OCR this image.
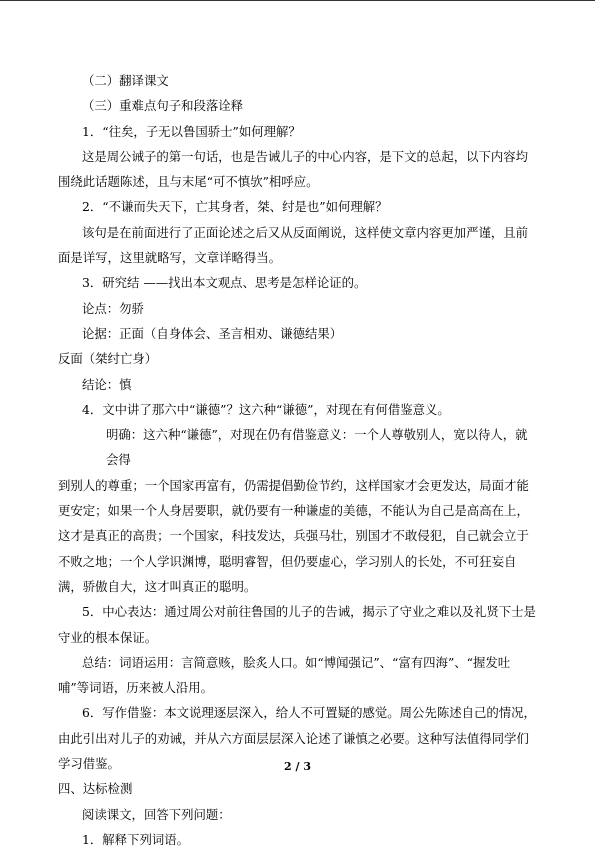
（二）翻译课文

（三）重难点句子和段落诠释

1．“往矣，子无以鲁国骄士”如何理解？

这是周公诫子的第一句话，也是告诫儿子的中心内容，是下文的总起，以下内容均围绕此话题陈述，且与末尾“可不慎欤”相呼应。

2．“不谦而失天下，亡其身者，桀、纣是也”如何理解？

该句是在前面进行了正面论述之后又从反面阐说，这样使文章内容更加严谨，且前面是详写，这里就略写，文章详略得当。

3．研究结 ——找出本文观点、思考是怎样论证的。

论点：勿骄

论据：正面（自身体会、圣言相劝、谦德结果）

反面（桀纣亡身）

结论：慎

4．文中讲了那六中“谦德”？这六种“谦德”，对现在有何借鉴意义。

明确：这六种“谦德”，对现在仍有借鉴意义：一个人尊敬别人，宽以待人，就会得

到别人的尊重；一个国家再富有，仍需提倡勤俭节约，这样国家才会更发达，局面才能更安定；如果一个人身居要职，就仍要有一种谦虚的美德，不能认为自己是高高在上，这才是真正的高贵；一个国家，科技发达，兵强马壮，别国才不敢侵犯，自己就会立于不败之地；一个人学识渊博，聪明睿智，但仍要虚心，学习别人的长处，不可狂妄自满，骄傲自大，这才叫真正的聪明。

5．中心表达：通过周公对前往鲁国的儿子的告诫，揭示了守业之难以及礼贤下士是守业的根本保证。

总结：词语运用：言简意赅，脍炙人口。如“博闻强记”、“富有四海”、“握发吐哺”等词语，历来被人沿用。

6．写作借鉴：本文说理逐层深入，给人不可置疑的感觉。周公先陈述自己的情况，由此引出对儿子的劝诫，并从六方面层层深入论述了谦慎之必要。这种写法值得同学们学习借鉴。

四、达标检测

阅读课文，回答下列问题：

1．解释下列词语。

2 / 3
